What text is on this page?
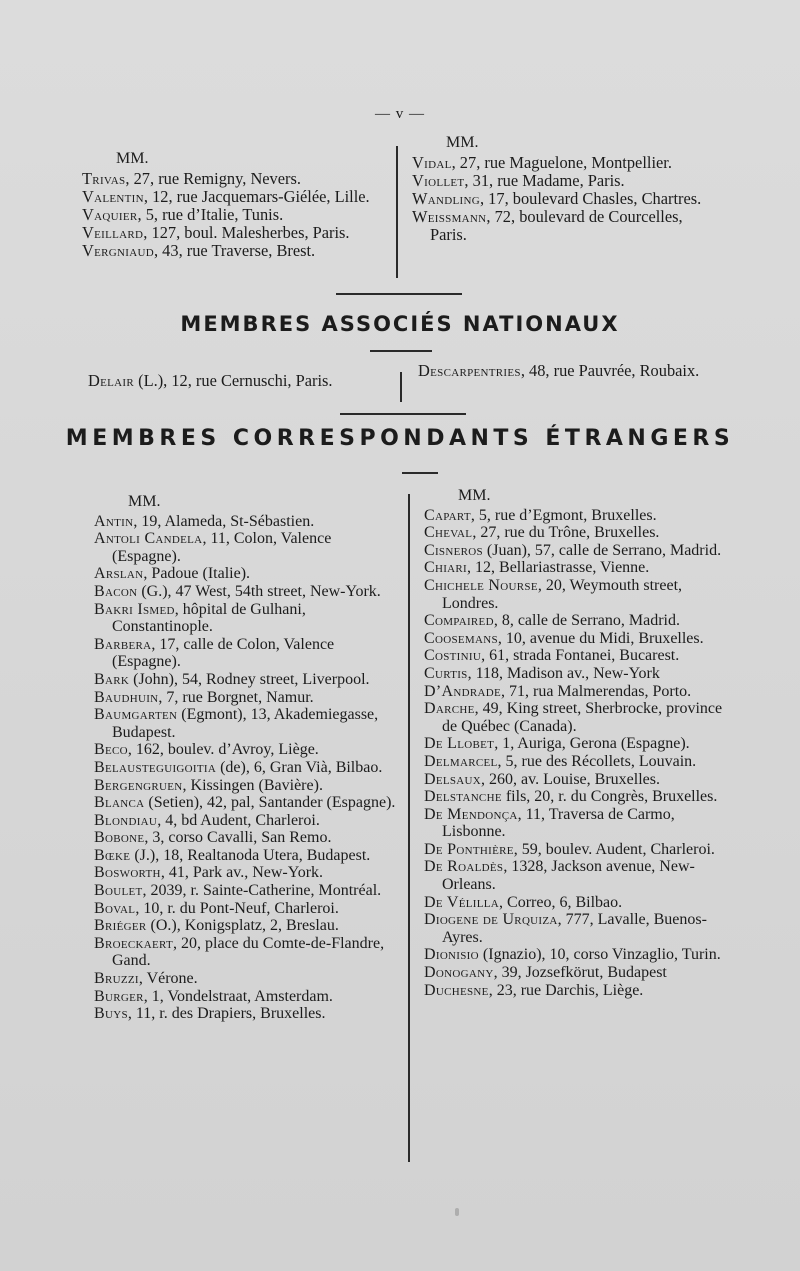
— v —
MM.

Trivas, 27, rue Remigny, Nevers.

Valentin, 12, rue Jacquemars-Giélée, Lille.

Vaquier, 5, rue d’Italie, Tunis.

Veillard, 127, boul. Malesherbes, Paris.

Vergniaud, 43, rue Traverse, Brest.

MM.

Vidal, 27, rue Maguelone, Montpellier.

Viollet, 31, rue Madame, Paris.

Wandling, 17, boulevard Chasles, Chartres.

Weissmann, 72, boulevard de Courcelles, Paris.

MEMBRES ASSOCIÉS NATIONAUX

Delair (L.), 12, rue Cernuschi, Paris.

Descarpentries, 48, rue Pauvrée, Roubaix.

MEMBRES CORRESPONDANTS ÉTRANGERS
MM.

Antin, 19, Alameda, St-Sébastien.

Antoli Candela, 11, Colon, Valence (Espagne).

Arslan, Padoue (Italie).

Bacon (G.), 47 West, 54th street, New-York.

Bakri Ismed, hôpital de Gulhani, Constantinople.

Barbera, 17, calle de Colon, Valence (Espagne).

Bark (John), 54, Rodney street, Liverpool.

Baudhuin, 7, rue Borgnet, Namur.

Baumgarten (Egmont), 13, Akademiegasse, Budapest.

Beco, 162, boulev. d’Avroy, Liège.

Belausteguigoitia (de), 6, Gran Vià, Bilbao.

Bergengruen, Kissingen (Bavière).

Blanca (Setien), 42, pal, Santander (Espagne).

Blondiau, 4, bd Audent, Charleroi.

Bobone, 3, corso Cavalli, San Remo.

Bœke (J.), 18, Realtanoda Utera, Budapest.

Bosworth, 41, Park av., New-York.

Boulet, 2039, r. Sainte-Catherine, Montréal.

Boval, 10, r. du Pont-Neuf, Charleroi.

Briéger (O.), Konigsplatz, 2, Breslau.

Broeckaert, 20, place du Comte-de-Flandre, Gand.

Bruzzi, Vérone.

Burger, 1, Vondelstraat, Amsterdam.

Buys, 11, r. des Drapiers, Bruxelles.

MM.

Capart, 5, rue d’Egmont, Bruxelles.

Cheval, 27, rue du Trône, Bruxelles.

Cisneros (Juan), 57, calle de Serrano, Madrid.

Chiari, 12, Bellariastrasse, Vienne.

Chichele Nourse, 20, Weymouth street, Londres.

Compaired, 8, calle de Serrano, Madrid.

Coosemans, 10, avenue du Midi, Bruxelles.

Costiniu, 61, strada Fontanei, Bucarest.

Curtis, 118, Madison av., New-York

D’Andrade, 71, rua Malmerendas, Porto.

Darche, 49, King street, Sherbrocke, province de Québec (Canada).

De Llobet, 1, Auriga, Gerona (Espagne).

Delmarcel, 5, rue des Récollets, Louvain.

Delsaux, 260, av. Louise, Bruxelles.

Delstanche fils, 20, r. du Congrès, Bruxelles.

De Mendonça, 11, Traversa de Carmo, Lisbonne.

De Ponthière, 59, boulev. Audent, Charleroi.

De Roaldès, 1328, Jackson avenue, New-Orleans.

De Vélilla, Correo, 6, Bilbao.

Diogene de Urquiza, 777, Lavalle, Buenos-Ayres.

Dionisio (Ignazio), 10, corso Vinzaglio, Turin.

Donogany, 39, Jozsefkörut, Budapest

Duchesne, 23, rue Darchis, Liège.
